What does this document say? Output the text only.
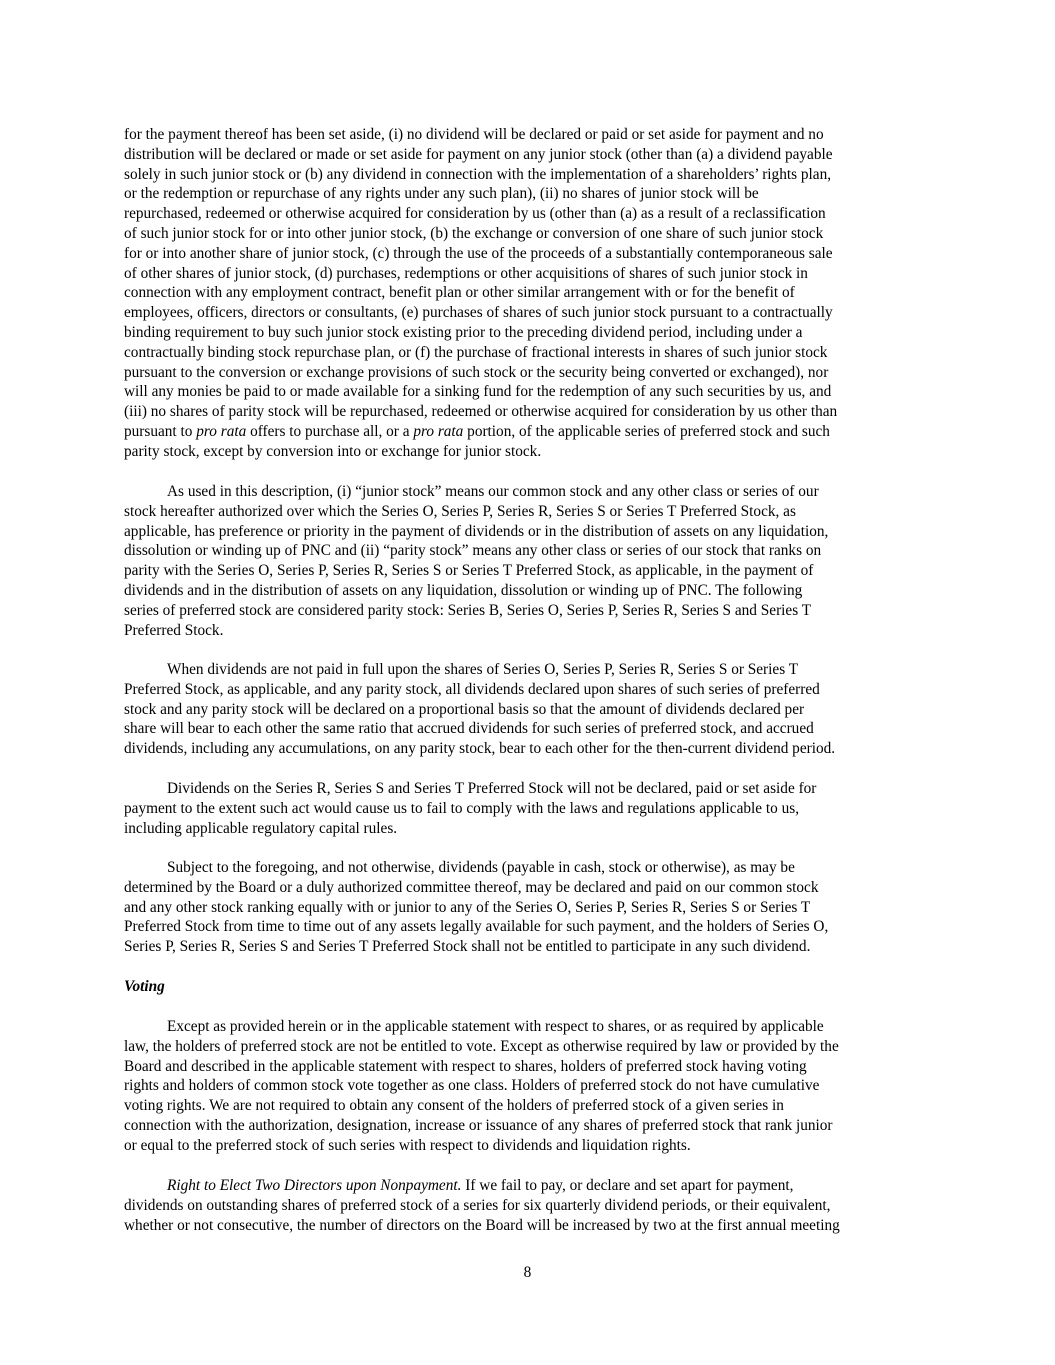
for the payment thereof has been set aside, (i) no dividend will be declared or paid or set aside for payment and no
distribution will be declared or made or set aside for payment on any junior stock (other than (a) a dividend payable
solely in such junior stock or (b) any dividend in connection with the implementation of a shareholders’ rights plan,
or the redemption or repurchase of any rights under any such plan), (ii) no shares of junior stock will be
repurchased, redeemed or otherwise acquired for consideration by us (other than (a) as a result of a reclassification
of such junior stock for or into other junior stock, (b) the exchange or conversion of one share of such junior stock
for or into another share of junior stock, (c) through the use of the proceeds of a substantially contemporaneous sale
of other shares of junior stock, (d) purchases, redemptions or other acquisitions of shares of such junior stock in
connection with any employment contract, benefit plan or other similar arrangement with or for the benefit of
employees, officers, directors or consultants, (e) purchases of shares of such junior stock pursuant to a contractually
binding requirement to buy such junior stock existing prior to the preceding dividend period, including under a
contractually binding stock repurchase plan, or (f) the purchase of fractional interests in shares of such junior stock
pursuant to the conversion or exchange provisions of such stock or the security being converted or exchanged), nor
will any monies be paid to or made available for a sinking fund for the redemption of any such securities by us, and
(iii) no shares of parity stock will be repurchased, redeemed or otherwise acquired for consideration by us other than
pursuant to pro rata offers to purchase all, or a pro rata portion, of the applicable series of preferred stock and such
parity stock, except by conversion into or exchange for junior stock.
As used in this description, (i) “junior stock” means our common stock and any other class or series of our
stock hereafter authorized over which the Series O, Series P, Series R, Series S or Series T Preferred Stock, as
applicable, has preference or priority in the payment of dividends or in the distribution of assets on any liquidation,
dissolution or winding up of PNC and (ii) “parity stock” means any other class or series of our stock that ranks on
parity with the Series O, Series P, Series R, Series S or Series T Preferred Stock, as applicable, in the payment of
dividends and in the distribution of assets on any liquidation, dissolution or winding up of PNC. The following
series of preferred stock are considered parity stock: Series B, Series O, Series P, Series R, Series S and Series T
Preferred Stock.
When dividends are not paid in full upon the shares of Series O, Series P, Series R, Series S or Series T
Preferred Stock, as applicable, and any parity stock, all dividends declared upon shares of such series of preferred
stock and any parity stock will be declared on a proportional basis so that the amount of dividends declared per
share will bear to each other the same ratio that accrued dividends for such series of preferred stock, and accrued
dividends, including any accumulations, on any parity stock, bear to each other for the then-current dividend period.
Dividends on the Series R, Series S and Series T Preferred Stock will not be declared, paid or set aside for
payment to the extent such act would cause us to fail to comply with the laws and regulations applicable to us,
including applicable regulatory capital rules.
Subject to the foregoing, and not otherwise, dividends (payable in cash, stock or otherwise), as may be
determined by the Board or a duly authorized committee thereof, may be declared and paid on our common stock
and any other stock ranking equally with or junior to any of the Series O, Series P, Series R, Series S or Series T
Preferred Stock from time to time out of any assets legally available for such payment, and the holders of Series O,
Series P, Series R, Series S and Series T Preferred Stock shall not be entitled to participate in any such dividend.
Voting
Except as provided herein or in the applicable statement with respect to shares, or as required by applicable
law, the holders of preferred stock are not be entitled to vote. Except as otherwise required by law or provided by the
Board and described in the applicable statement with respect to shares, holders of preferred stock having voting
rights and holders of common stock vote together as one class. Holders of preferred stock do not have cumulative
voting rights. We are not required to obtain any consent of the holders of preferred stock of a given series in
connection with the authorization, designation, increase or issuance of any shares of preferred stock that rank junior
or equal to the preferred stock of such series with respect to dividends and liquidation rights.
Right to Elect Two Directors upon Nonpayment. If we fail to pay, or declare and set apart for payment,
dividends on outstanding shares of preferred stock of a series for six quarterly dividend periods, or their equivalent,
whether or not consecutive, the number of directors on the Board will be increased by two at the first annual meeting
8
